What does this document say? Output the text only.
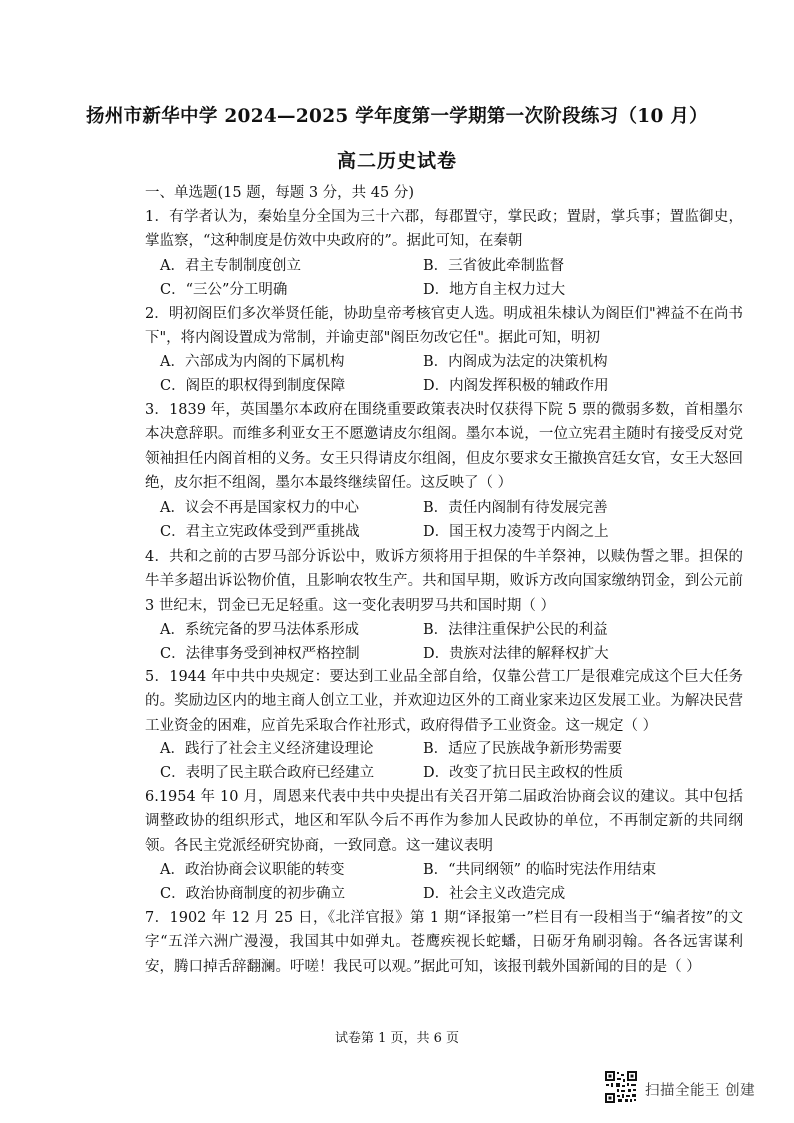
扬州市新华中学 2024—2025 学年度第一学期第一次阶段练习（10 月）
高二历史试卷
一、单选题(15 题，每题 3 分，共 45 分)
1．有学者认为，秦始皇分全国为三十六郡，每郡置守，掌民政；置尉，掌兵事；置监御史， 掌监察，“这种制度是仿效中央政府的”。据此可知，在秦朝
A．君主专制制度创立	B．三省彼此牵制监督
C．“三公”分工明确	D．地方自主权力过大
2．明初阁臣们多次举贤任能，协助皇帝考核官吏人选。明成祖朱棣认为阁臣们"裨益不在尚书下"，将内阁设置成为常制，并谕吏部"阁臣勿改它任"。据此可知，明初
A．六部成为内阁的下属机构	B．内阁成为法定的决策机构
C．阁臣的职权得到制度保障	D．内阁发挥积极的辅政作用
3．1839 年，英国墨尔本政府在围绕重要政策表决时仅获得下院 5 票的微弱多数，首相墨尔本决意辞职。而维多利亚女王不愿邀请皮尔组阁。墨尔本说，一位立宪君主随时有接受反对党领袖担任内阁首相的义务。女王只得请皮尔组阁，但皮尔要求女王撤换宫廷女官，女王大怒回绝，皮尔拒不组阁，墨尔本最终继续留任。这反映了（ ）
A．议会不再是国家权力的中心	B．责任内阁制有待发展完善
C．君主立宪政体受到严重挑战	D．国王权力凌驾于内阁之上
4．共和之前的古罗马部分诉讼中，败诉方须将用于担保的牛羊祭神，以赎伪誓之罪。担保的牛羊多超出诉讼物价值，且影响农牧生产。共和国早期，败诉方改向国家缴纳罚金，到公元前 3 世纪末，罚金已无足轻重。这一变化表明罗马共和国时期（ ）
A．系统完备的罗马法体系形成	B．法律注重保护公民的利益
C．法律事务受到神权严格控制	D．贵族对法律的解释权扩大
5．1944 年中共中央规定：要达到工业品全部自给，仅靠公营工厂是很难完成这个巨大任务的。奖励边区内的地主商人创立工业，并欢迎边区外的工商业家来边区发展工业。为解决民营工业资金的困难，应首先采取合作社形式，政府得借予工业资金。这一规定（ ）
A．践行了社会主义经济建设理论	B．适应了民族战争新形势需要
C．表明了民主联合政府已经建立	D．改变了抗日民主政权的性质
6.1954 年 10 月，周恩来代表中共中央提出有关召开第二届政治协商会议的建议。其中包括调整政协的组织形式，地区和军队今后不再作为参加人民政协的单位，不再制定新的共同纲领。各民主党派经研究协商，一致同意。这一建议表明
A．政治协商会议职能的转变	B．“共同纲领” 的临时宪法作用结束
C．政治协商制度的初步确立	D．社会主义改造完成
7．1902 年 12 月 25 日，《北洋官报》第 1 期“译报第一”栏目有一段相当于“编者按”的文字“五洋六洲广漫漫，我国其中如弹丸。苍鹰疾视长蛇蟠，日砺牙角刷羽翰。各各远害谋利安，腾口掉舌辞翻澜。吁嗟！我民可以观。”据此可知，该报刊载外国新闻的目的是（ ）
试卷第 1 页，共 6 页
扫描全能王 创建
